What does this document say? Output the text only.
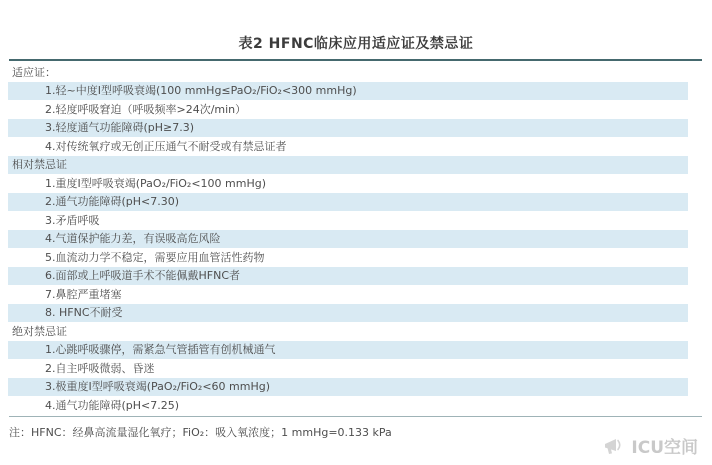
表2 HFNC临床应用适应证及禁忌证
适应证：
1.轻~中度Ⅰ型呼吸衰竭(100 mmHg≤PaO₂/FiO₂<300 mmHg)
2.轻度呼吸窘迫（呼吸频率>24次/min）
3.轻度通气功能障碍(pH≥7.3)
4.对传统氧疗或无创正压通气不耐受或有禁忌证者
相对禁忌证
1.重度Ⅰ型呼吸衰竭(PaO₂/FiO₂<100 mmHg)
2.通气功能障碍(pH<7.30)
3.矛盾呼吸
4.气道保护能力差，有误吸高危风险
5.血流动力学不稳定，需要应用血管活性药物
6.面部或上呼吸道手术不能佩戴HFNC者
7.鼻腔严重堵塞
8. HFNC不耐受
绝对禁忌证
1.心跳呼吸骤停，需紧急气管插管有创机械通气
2.自主呼吸微弱、昏迷
3.极重度Ⅰ型呼吸衰竭(PaO₂/FiO₂<60 mmHg)
4.通气功能障碍(pH<7.25)
注：HFNC：经鼻高流量湿化氧疗；FiO₂：吸入氧浓度；1 mmHg=0.133 kPa
ICU空间
